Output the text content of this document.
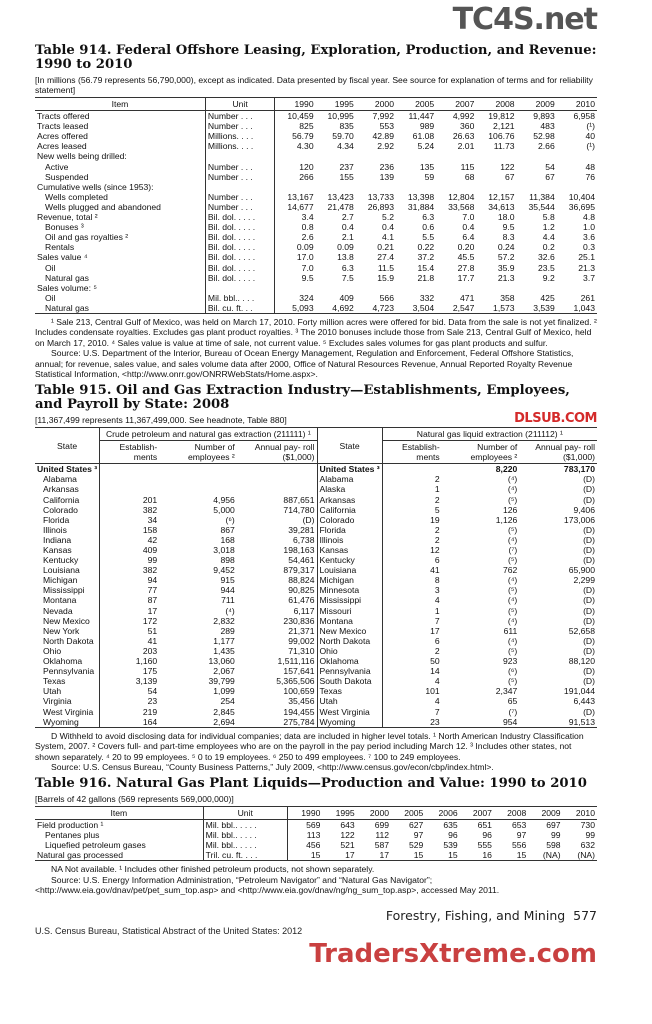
TC4S.net
Table 914. Federal Offshore Leasing, Exploration, Production, and Revenue: 1990 to 2010
[In millions (56.79 represents 56,790,000), except as indicated. Data presented by fiscal year. See source for explanation of terms and for reliability statement]
Item	Unit	1990	1995	2000	2005	2007	2008	2009	2010
Tracts offered	Number . . .	10,459	10,995	7,992	11,447	4,992	19,812	9,893	6,958
Tracts leased	Number . . .	825	835	553	989	360	2,121	483	(¹)
Acres offered	Millions. . . .	56.79	59.70	42.89	61.08	26.63	106.76	52.98	40
Acres leased	Millions. . . .	4.30	4.34	2.92	5.24	2.01	11.73	2.66	(¹)
New wells being drilled:									
Active	Number . . .	120	237	236	135	115	122	54	48
Suspended	Number . . .	266	155	139	59	68	67	67	76
Cumulative wells (since 1953):									
Wells completed	Number . . .	13,167	13,423	13,733	13,398	12,804	12,157	11,384	10,404
Wells plugged and abandoned	Number . . .	14,677	21,478	26,893	31,884	33,568	34,613	35,544	36,695
Revenue, total ²	Bil. dol. . . . .	3.4	2.7	5.2	6.3	7.0	18.0	5.8	4.8
Bonuses ³	Bil. dol. . . . .	0.8	0.4	0.4	0.6	0.4	9.5	1.2	1.0
Oil and gas royalties ²	Bil. dol. . . . .	2.6	2.1	4.1	5.5	6.4	8.3	4.4	3.6
Rentals	Bil. dol. . . . .	0.09	0.09	0.21	0.22	0.20	0.24	0.2	0.3
Sales value ⁴	Bil. dol. . . . .	17.0	13.8	27.4	37.2	45.5	57.2	32.6	25.1
Oil	Bil. dol. . . . .	7.0	6.3	11.5	15.4	27.8	35.9	23.5	21.3
Natural gas	Bil. dol. . . . .	9.5	7.5	15.9	21.8	17.7	21.3	9.2	3.7
Sales volume: ⁵									
Oil	Mil. bbl.. . . .	324	409	566	332	471	358	425	261
Natural gas	Bil. cu. ft. . .	5,093	4,692	4,723	3,504	2,547	1,573	3,539	1,043

¹ Sale 213, Central Gulf of Mexico, was held on March 17, 2010. Forty million acres were offered for bid. Data from the sale is not yet finalized. ² Includes condensate royalties. Excludes gas plant product royalties. ³ The 2010 bonuses include those from Sale 213, Central Gulf of Mexico, held on March 17, 2010. ⁴ Sales value is value at time of sale, not current value. ⁵ Excludes sales volumes for gas plant products and sulfur.

Source: U.S. Department of the Interior, Bureau of Ocean Energy Management, Regulation and Enforcement, Federal Offshore Statistics, annual; for revenue, sales value, and sales volume data after 2000, Office of Natural Resources Revenue, Annual Reported Royalty Revenue Statistical Information, <http://www.onrr.gov/ONRRWebStats/Home.aspx>.

Table 915. Oil and Gas Extraction Industry—Establishments, Employees, and Payroll by State: 2008
[11,367,499 represents 11,367,499,000. See headnote, Table 880]	DLSUB.COM
State	Crude petroleum and natural gas extraction (211111) ¹			State	Natural gas liquid extraction (211112) ¹		
	Establish- ments	Number of employees ²	Annual pay- roll ($1,000)		Establish- ments	Number of employees ²	Annual pay- roll ($1,000)
United States ³				United States ³		8,220	783,170
Alabama				Alabama	2	(⁴)	(D)
Arkansas				Alaska	1	(⁴)	(D)
California	201	4,956	887,651	Arkansas	2	(⁵)	(D)
Colorado	382	5,000	714,780	California	5	126	9,406
Florida	34	(⁶)	(D)	Colorado	19	1,126	173,006
Illinois	158	867	39,281	Florida	2	(⁵)	(D)
Indiana	42	168	6,738	Illinois	2	(⁴)	(D)
Kansas	409	3,018	198,163	Kansas	12	(⁷)	(D)
Kentucky	99	898	54,461	Kentucky	6	(⁵)	(D)
Louisiana	382	9,452	879,317	Louisiana	41	762	65,900
Michigan	94	915	88,824	Michigan	8	(⁴)	2,299
Mississippi	77	944	90,825	Minnesota	3	(⁵)	(D)
Montana	87	711	61,476	Mississippi	4	(⁴)	(D)
Nevada	17	(⁴)	6,117	Missouri	1	(⁵)	(D)
New Mexico	172	2,832	230,836	Montana	7	(⁴)	(D)
New York	51	289	21,371	New Mexico	17	611	52,658
North Dakota	41	1,177	99,002	North Dakota	6	(⁴)	(D)
Ohio	203	1,435	71,310	Ohio	2	(⁵)	(D)
Oklahoma	1,160	13,060	1,511,116	Oklahoma	50	923	88,120
Pennsylvania	175	2,067	157,641	Pennsylvania	14	(⁶)	(D)
Texas	3,139	39,799	5,365,506	South Dakota	4	(⁵)	(D)
Utah	54	1,099	100,659	Texas	101	2,347	191,044
Virginia	23	254	35,456	Utah	4	65	6,443
West Virginia	219	2,845	194,455	West Virginia	7	(⁷)	(D)
Wyoming	164	2,694	275,784	Wyoming	23	954	91,513

D Withheld to avoid disclosing data for individual companies; data are included in higher level totals. ¹ North American Industry Classification System, 2007. ² Covers full- and part-time employees who are on the payroll in the pay period including March 12. ³ Includes other states, not shown separately. ⁴ 20 to 99 employees. ⁵ 0 to 19 employees. ⁶ 250 to 499 employees. ⁷ 100 to 249 employees.

Source: U.S. Census Bureau, “County Business Patterns,” July 2009, <http://www.census.gov/econ/cbp/index.html>.

Table 916. Natural Gas Plant Liquids—Production and Value: 1990 to 2010
[Barrels of 42 gallons (569 represents 569,000,000)]
Item	Unit	1990	1995	2000	2005	2006	2007	2008	2009	2010
Field production ¹	Mil. bbl.. . . . .	569	643	699	627	635	651	653	697	730
Pentanes plus	Mil. bbl.. . . . .	113	122	112	97	96	96	97	99	99
Liquefied petroleum gases	Mil. bbl.. . . . .	456	521	587	529	539	555	556	598	632
Natural gas processed	Tril. cu. ft. . . .	15	17	17	15	15	16	15	(NA)	(NA)

NA Not available. ¹ Includes other finished petroleum products, not shown separately.

Source: U.S. Energy Information Administration, “Petroleum Navigator” and “Natural Gas Navigator”; <http://www.eia.gov/dnav/pet/pet_sum_top.asp> and <http://www.eia.gov/dnav/ng/ng_sum_top.asp>, accessed May 2011.

Forestry, Fishing, and Mining 577
U.S. Census Bureau, Statistical Abstract of the United States: 2012
TradersXtreme.com
